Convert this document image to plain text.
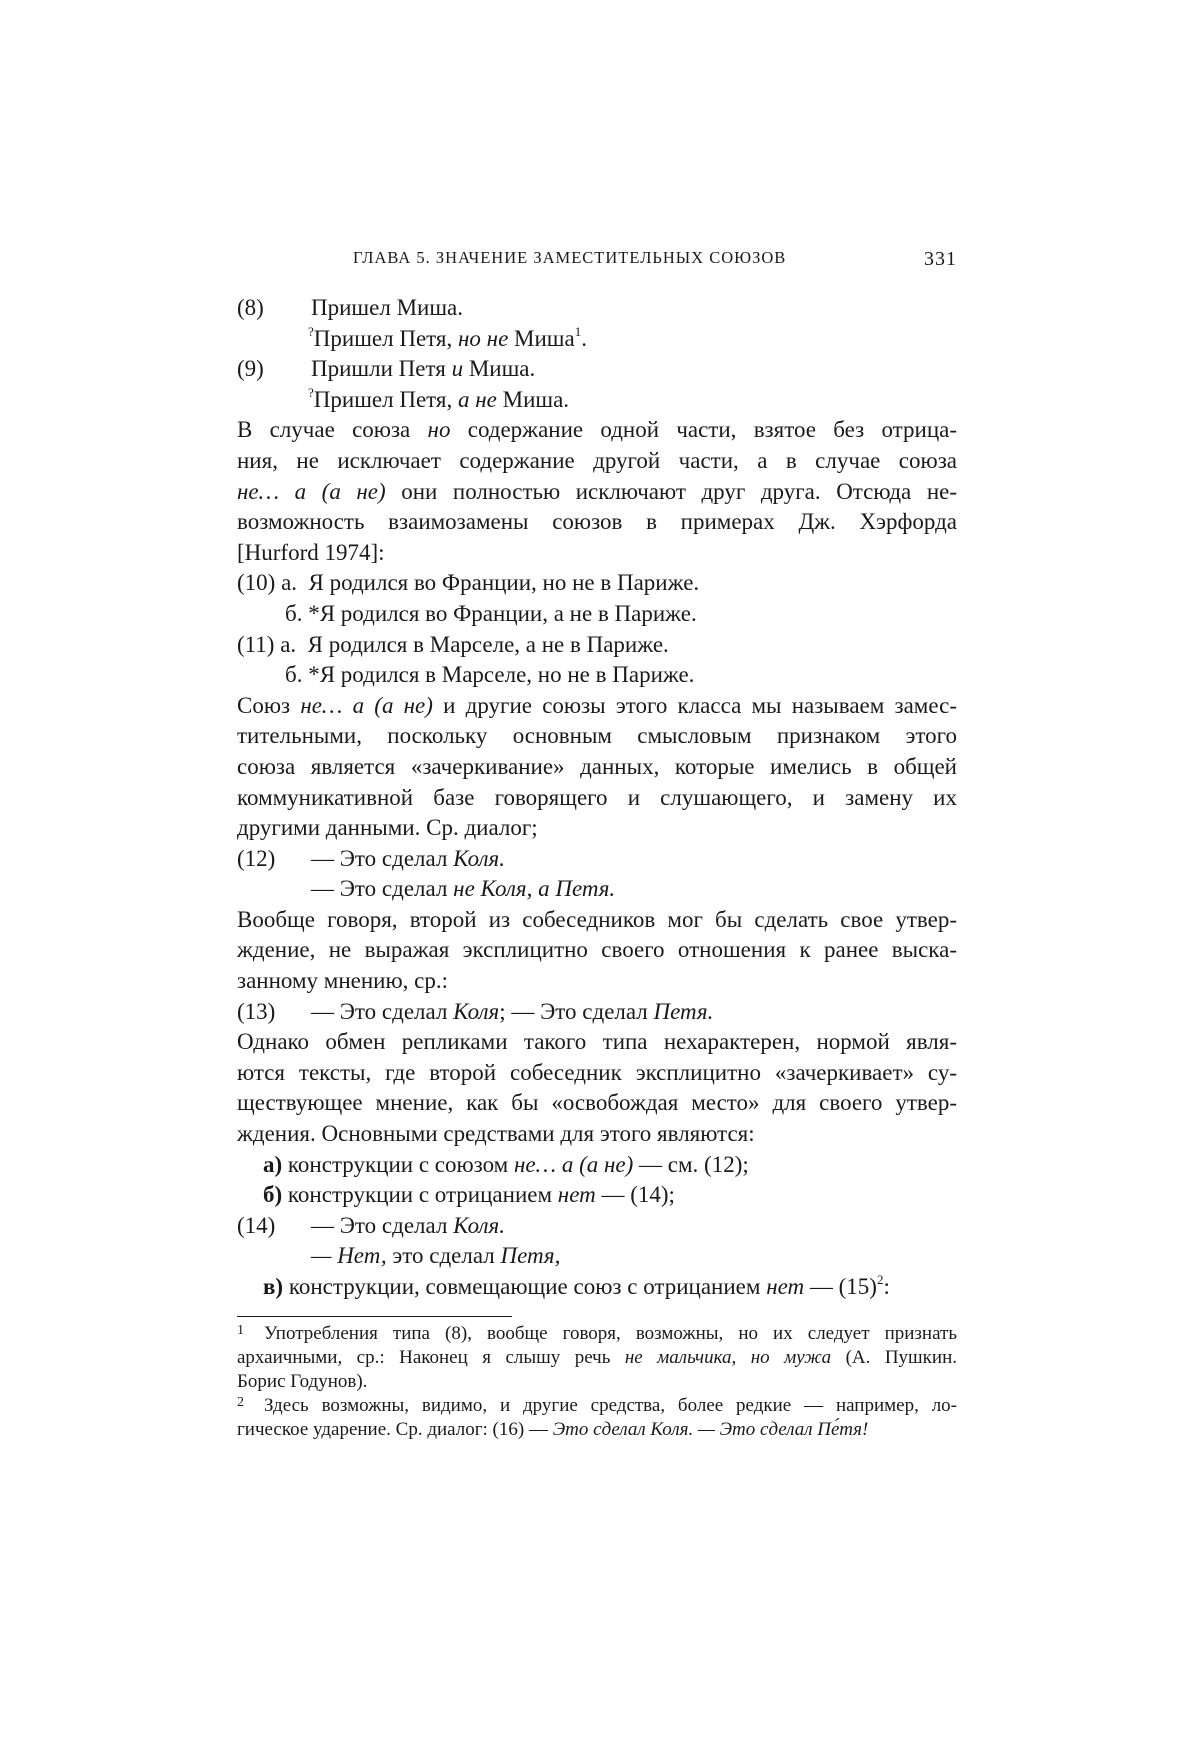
ГЛАВА 5. ЗНАЧЕНИЕ ЗАМЕСТИТЕЛЬНЫХ СОЮЗОВ	331
(8) Пришел Миша.
?Пришел Петя, но не Миша$^1$.
(9) Пришли Петя и Миша.
?Пришел Петя, а не Миша.
В случае союза но содержание одной части, взятое без отрица-
ния, не исключает содержание другой части, а в случае союза
не… а (а не) они полностью исключают друг друга. Отсюда не-
возможность взаимозамены союзов в примерах Дж. Хэрфорда
[Hurford 1974]:
(10) а.  Я родился во Франции, но не в Париже.
б. *Я родился во Франции, а не в Париже.
(11) а.  Я родился в Марселе, а не в Париже.
б. *Я родился в Марселе, но не в Париже.
Союз не… а (а не) и другие союзы этого класса мы называем замес-
тительными, поскольку основным смысловым признаком этого
союза является «зачеркивание» данных, которые имелись в общей
коммуникативной базе говорящего и слушающего, и замену их
другими данными. Ср. диалог;
(12) — Это сделал Коля.
— Это сделал не Коля, а Петя.
Вообще говоря, второй из собеседников мог бы сделать свое утвер-
ждение, не выражая эксплицитно своего отношения к ранее выска-
занному мнению, ср.:
(13) — Это сделал Коля; — Это сделал Петя.
Однако обмен репликами такого типа нехарактерен, нормой явля-
ются тексты, где второй собеседник эксплицитно «зачеркивает» су-
ществующее мнение, как бы «освобождая место» для своего утвер-
ждения. Основными средствами для этого являются:
а) конструкции с союзом не… а (а не) — см. (12);
б) конструкции с отрицанием нет — (14);
(14) — Это сделал Коля.
— Нет, это сделал Петя,
в) конструкции, совмещающие союз с отрицанием нет — $(15)^2$:
1	Употребления типа (8), вообще говоря, возможны, но их следует признать
архаичными, ср.: Наконец я слышу речь не мальчика, но мужа (А. Пушкин.
Борис Годунов).
2	Здесь возможны, видимо, и другие средства, более редкие — например, ло-
гическое ударение. Ср. диалог: (16) — Это сделал Коля. — Это сделал Пе́тя!
